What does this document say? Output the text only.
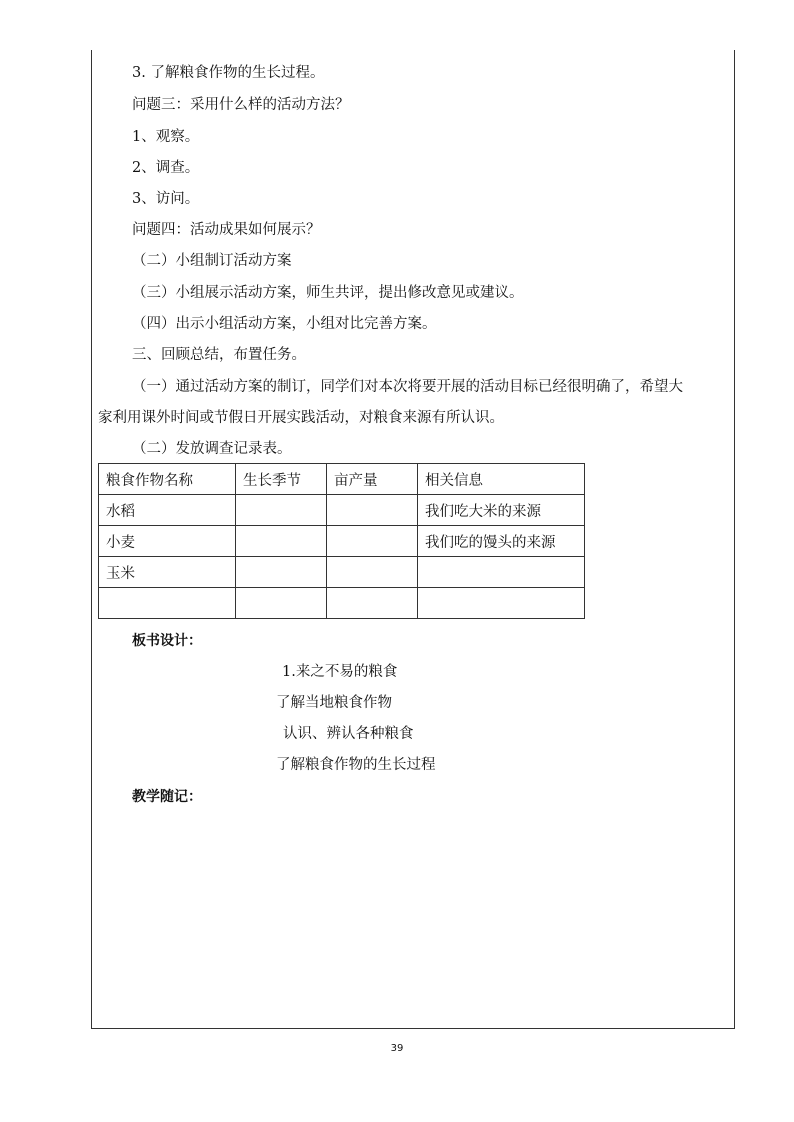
3. 了解粮食作物的生长过程。
问题三：采用什么样的活动方法？
1、观察。
2、调查。
3、访问。
问题四：活动成果如何展示？
（二）小组制订活动方案
（三）小组展示活动方案，师生共评，提出修改意见或建议。
（四）出示小组活动方案，小组对比完善方案。
三、回顾总结，布置任务。
（一）通过活动方案的制订，同学们对本次将要开展的活动目标已经很明确了，希望大
家利用课外时间或节假日开展实践活动，对粮食来源有所认识。
（二）发放调查记录表。
粮食作物名称	生长季节	亩产量	相关信息
水稻			我们吃大米的来源
小麦			我们吃的馒头的来源
玉米			

板书设计：
1.来之不易的粮食
了解当地粮食作物
认识、辨认各种粮食
了解粮食作物的生长过程
教学随记：
39
